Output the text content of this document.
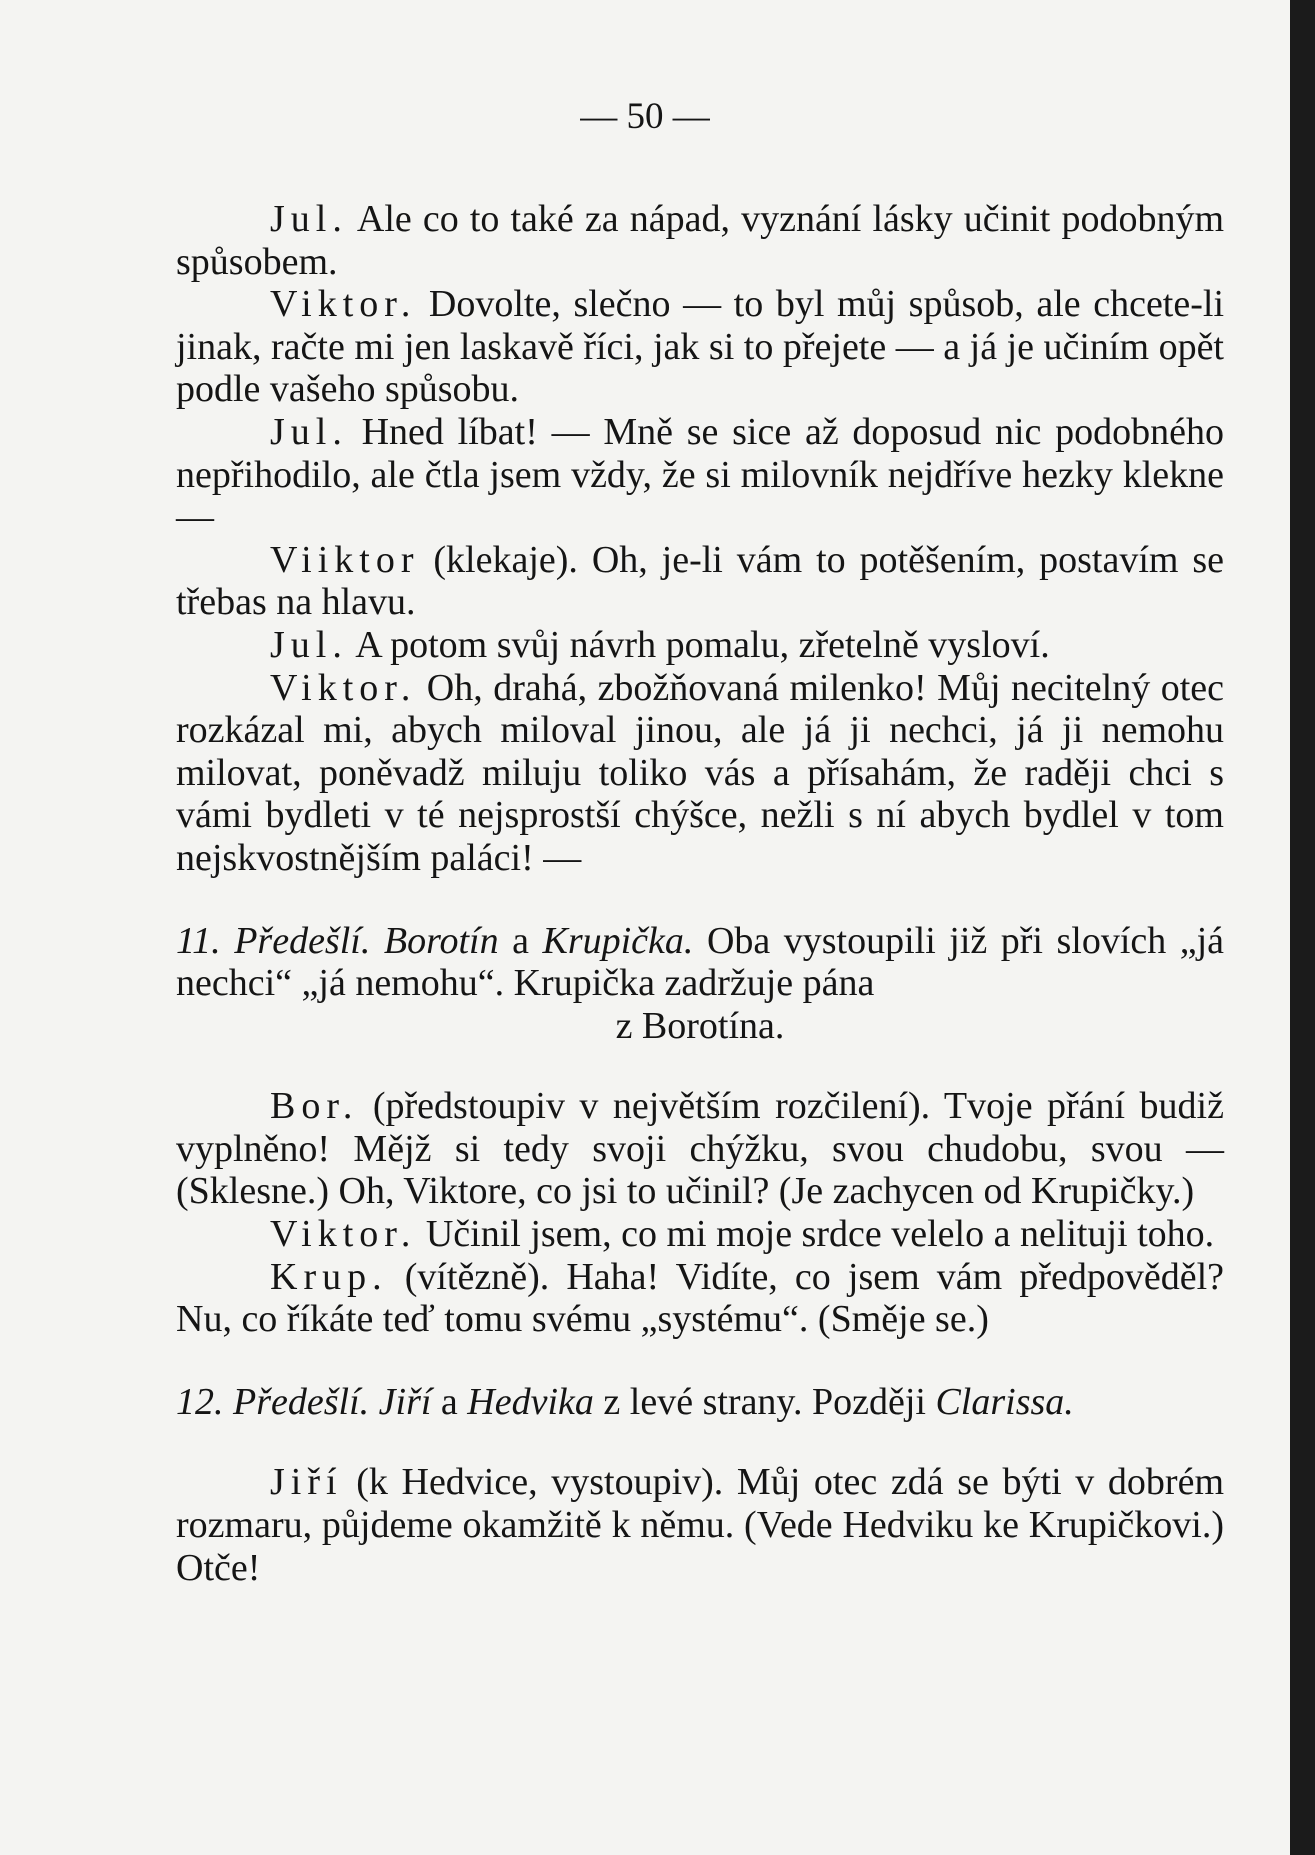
— 50 —

Jul. Ale co to také za nápad, vyznání lásky učinit podobným spůsobem.

Viktor. Dovolte, slečno — to byl můj spůsob, ale chcete-li jinak, račte mi jen laskavě říci, jak si to přejete — a já je učiním opět podle vašeho spůsobu.

Jul. Hned líbat! — Mně se sice až doposud nic podobného nepřihodilo, ale čtla jsem vždy, že si milovník nejdříve hezky klekne —

Viiktor (klekaje). Oh, je-li vám to potěšením, postavím se třebas na hlavu.

Jul. A potom svůj návrh pomalu, zřetelně vysloví.

Viktor. Oh, drahá, zbožňovaná milenko! Můj necitelný otec rozkázal mi, abych miloval jinou, ale já ji nechci, já ji nemohu milovat, poněvadž miluju toliko vás a přísahám, že raději chci s vámi bydleti v té nejsprostší chýšce, nežli s ní abych bydlel v tom nejskvostnějším paláci! —

11. Předešlí. Borotín a Krupička. Oba vystoupili již při slovích „já nechci“ „já nemohu“. Krupička zadržuje pána
z Borotína.

Bor. (předstoupiv v největším rozčilení). Tvoje přání budiž vyplněno! Mějž si tedy svoji chýžku, svou chudobu, svou — (Sklesne.) Oh, Viktore, co jsi to učinil? (Je zachycen od Krupičky.)

Viktor. Učinil jsem, co mi moje srdce velelo a nelituji toho.

Krup. (vítězně). Haha! Vidíte, co jsem vám předpověděl? Nu, co říkáte teď tomu svému „systému“. (Směje se.)

12. Předešlí. Jiří a Hedvika z levé strany. Později Clarissa.

Jiří (k Hedvice, vystoupiv). Můj otec zdá se býti v dobrém rozmaru, půjdeme okamžitě k němu. (Vede Hedviku ke Krupičkovi.) Otče!
